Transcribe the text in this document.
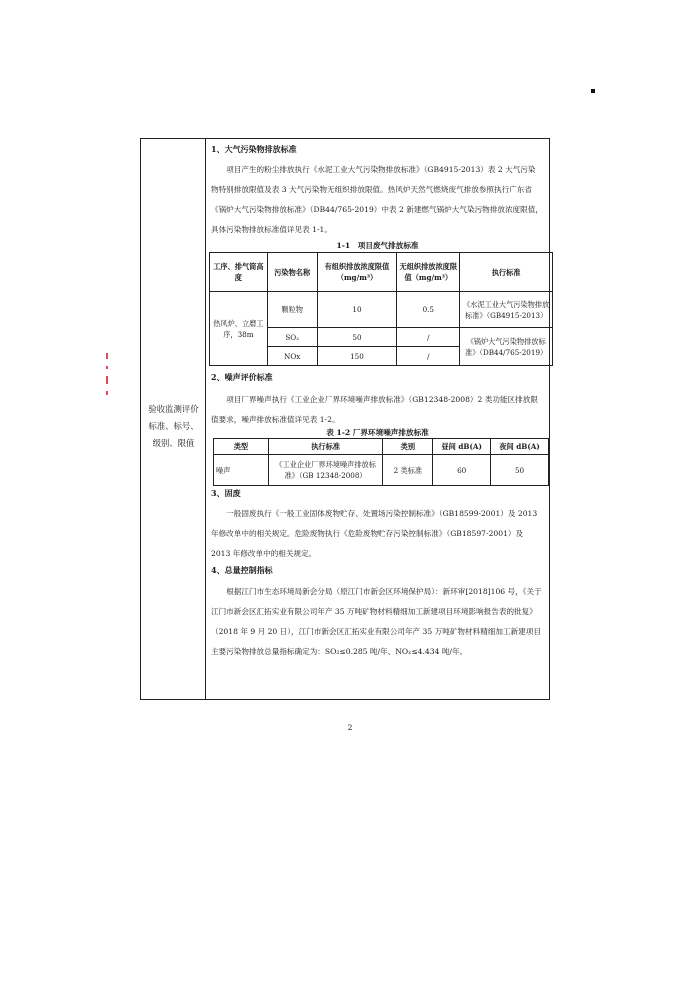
验收监测评价标准、标号、级别、限值
1、大气污染物排放标准
项目产生的粉尘排放执行《水泥工业大气污染物排放标准》（GB4915-2013）表 2 大气污染物特别排放限值及表 3 大气污染物无组织排放限值。热风炉天然气燃烧废气排放参照执行广东省《锅炉大气污染物排放标准》（DB44/765-2019）中表 2 新建燃气锅炉大气染污物排放浓度限值，具体污染物排放标准值详见表 1-1。
1-1　项目废气排放标准
工序、排气筒高度	污染物名称	有组织排放浓度限值（mg/m³）	无组织排放浓度限值（mg/m³）	执行标准
热风炉、立磨工序，38m	颗粒物	10	0.5	《水泥工业大气污染物排放标准》（GB4915-2013）
	SO₂	50	/	《锅炉大气污染物排放标准》（DB44/765-2019）
	NOx	150	/	
2、噪声评价标准
项目厂界噪声执行《工业企业厂界环境噪声排放标准》（GB12348-2008）2 类功能区排放限值要求，噪声排放标准值详见表 1-2。
表 1-2 厂界环境噪声排放标准
类型	执行标准	类别	昼间 dB(A)	夜间 dB(A)
噪声	《工业企业厂界环境噪声排放标准》（GB 12348-2008）	2 类标准	60	50
3、固废
一般固废执行《一般工业固体废物贮存、处置场污染控制标准》（GB18599-2001）及 2013 年修改单中的相关规定。危险废物执行《危险废物贮存污染控制标准》（GB18597-2001）及 2013 年修改单中的相关规定。
4、总量控制指标
根据江门市生态环境局新会分局（原江门市新会区环境保护局）：新环审[2018]106 号，《关于江门市新会区汇拓实业有限公司年产 35 万吨矿物材料精细加工新建项目环境影响报告表的批复》（2018 年 9 月 20 日），江门市新会区汇拓实业有限公司年产 35 万吨矿物材料精细加工新建项目主要污染物排放总量指标确定为：SO₂≤0.285 吨/年、NOₓ≤4.434 吨/年。
2
